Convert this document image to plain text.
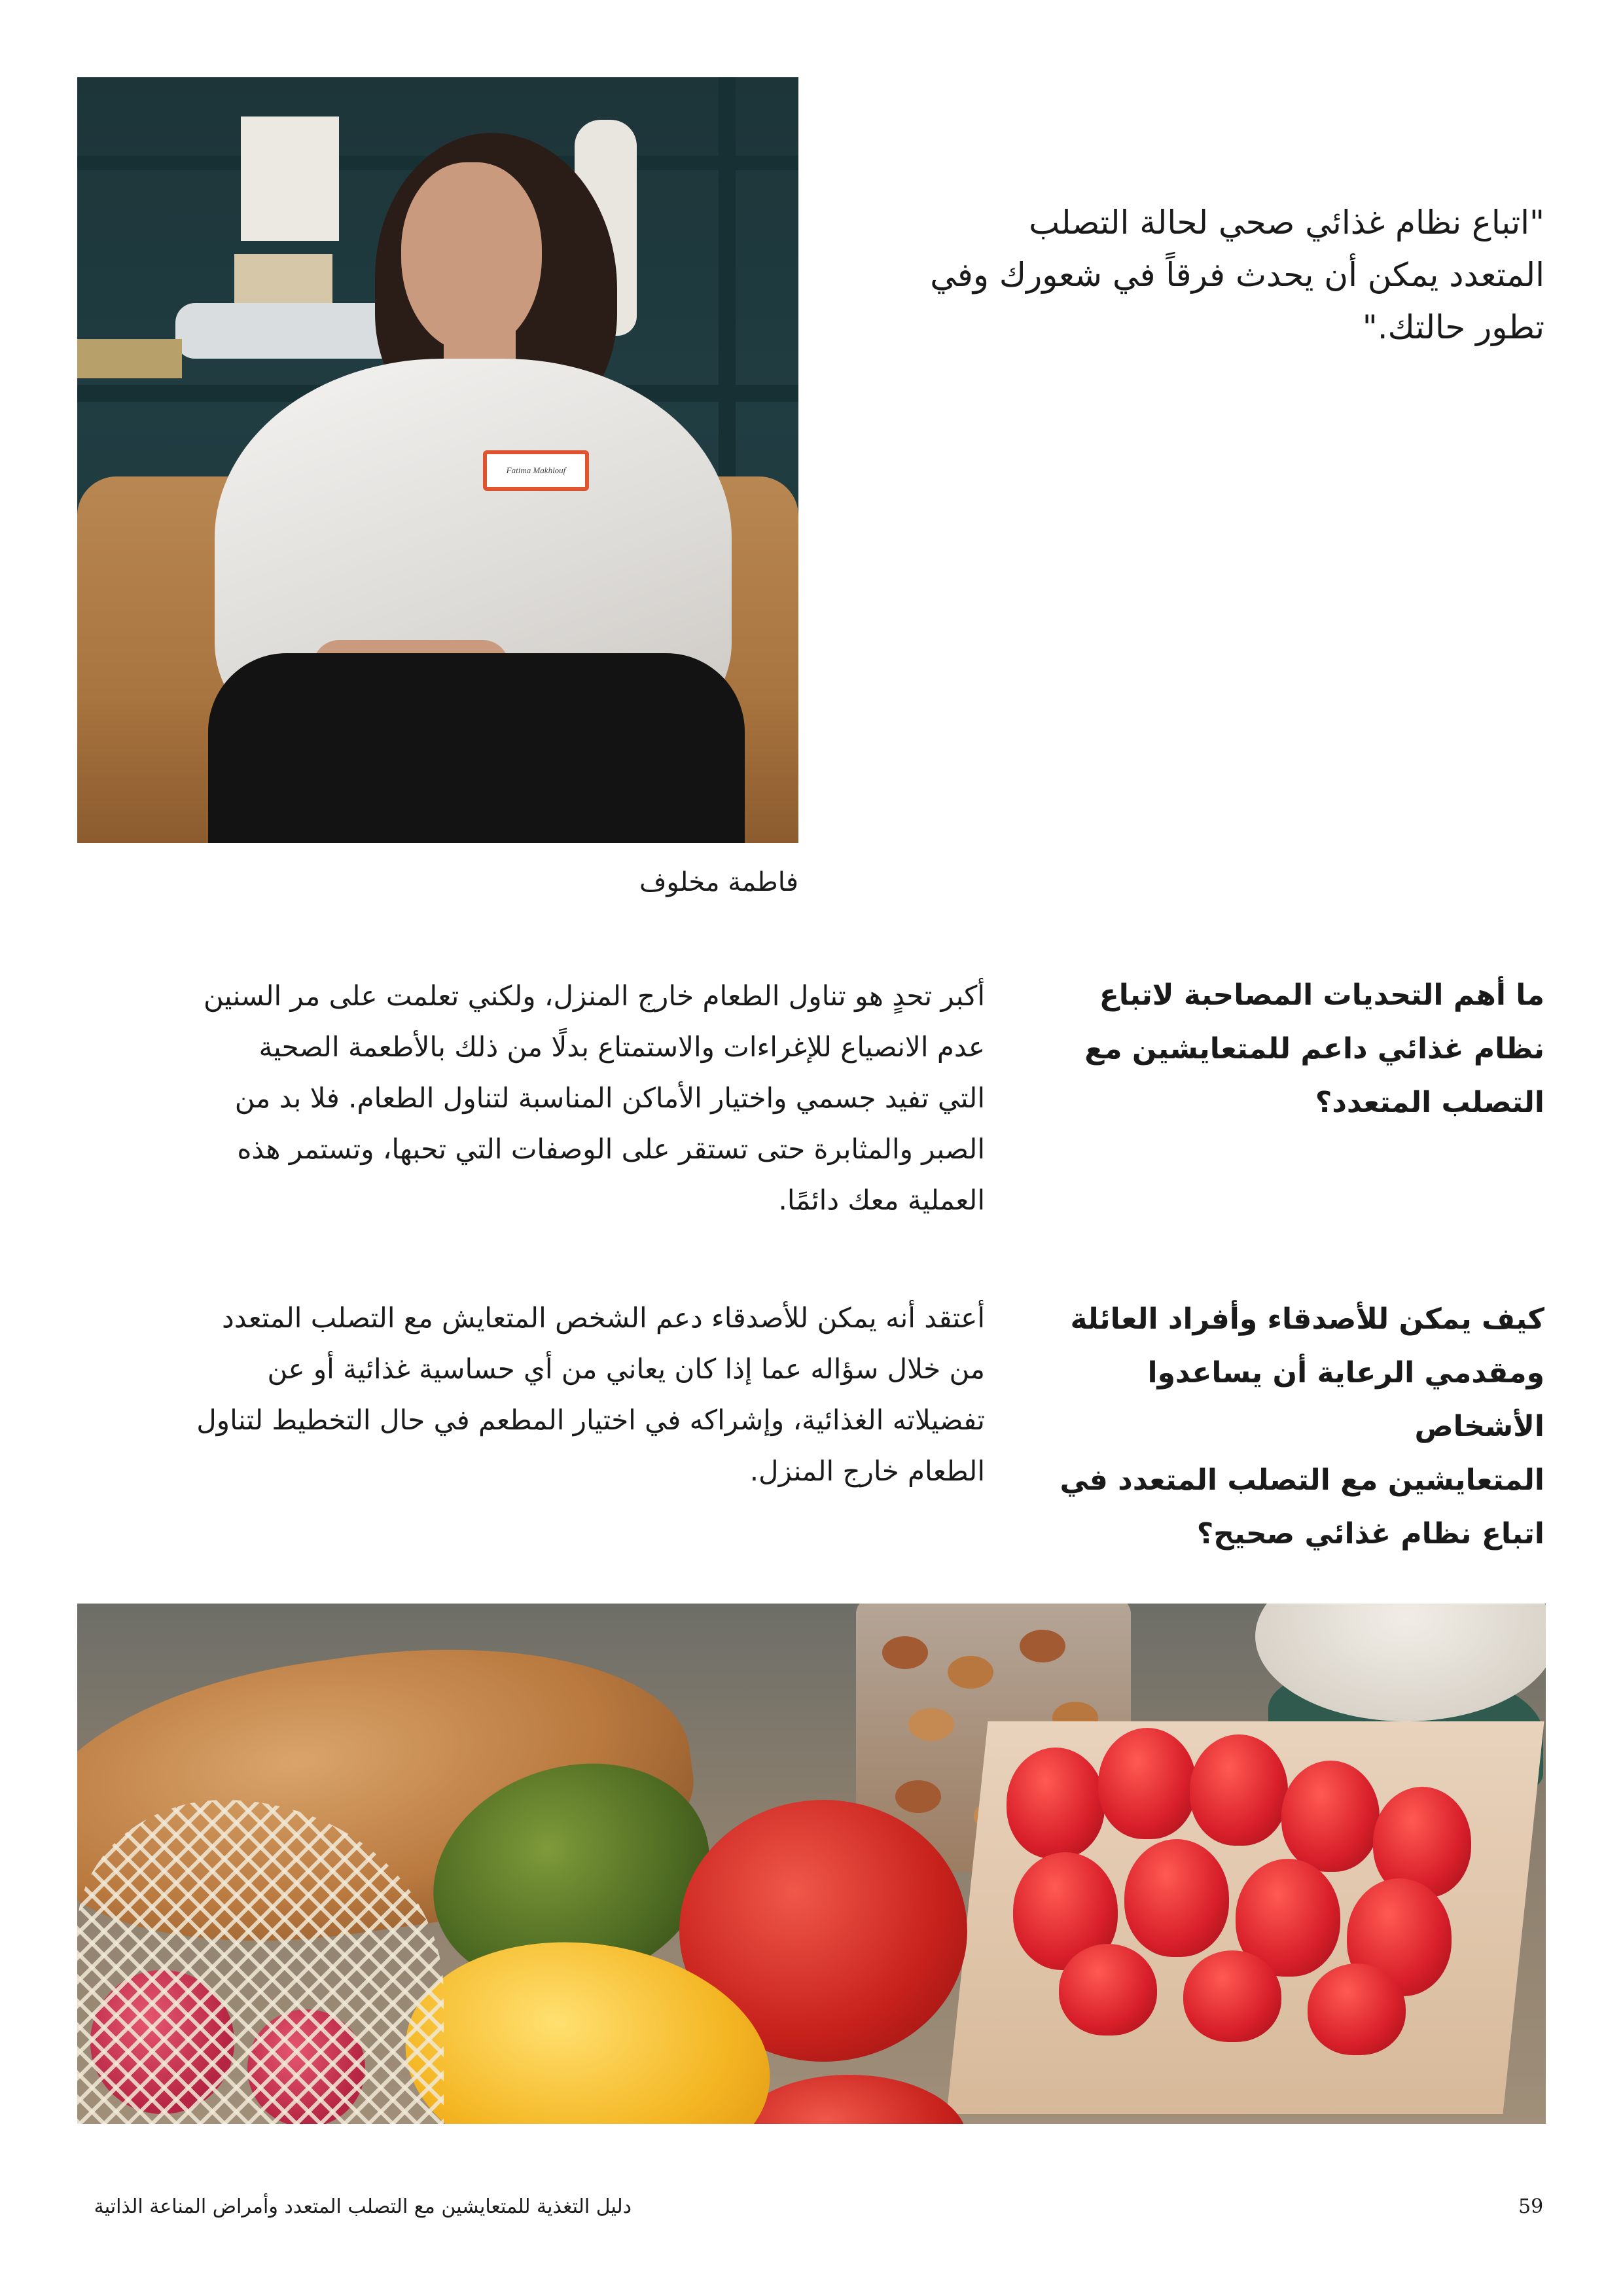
Fatima Makhlouf
"اتباع نظام غذائي صحي لحالة التصلب
المتعدد يمكن أن يحدث فرقاً في شعورك وفي
تطور حالتك."
فاطمة مخلوف
ما أهم التحديات المصاحبة لاتباع
نظام غذائي داعم للمتعايشين مع
التصلب المتعدد؟
أكبر تحدٍ هو تناول الطعام خارج المنزل، ولكني تعلمت على مر السنين
عدم الانصياع للإغراءات والاستمتاع بدلًا من ذلك بالأطعمة الصحية
التي تفيد جسمي واختيار الأماكن المناسبة لتناول الطعام. فلا بد من
الصبر والمثابرة حتى تستقر على الوصفات التي تحبها، وتستمر هذه
العملية معك دائمًا.
كيف يمكن للأصدقاء وأفراد العائلة
ومقدمي الرعاية أن يساعدوا الأشخاص
المتعايشين مع التصلب المتعدد في
اتباع نظام غذائي صحيح؟
أعتقد أنه يمكن للأصدقاء دعم الشخص المتعايش مع التصلب المتعدد
من خلال سؤاله عما إذا كان يعاني من أي حساسية غذائية أو عن
تفضيلاته الغذائية، وإشراكه في اختيار المطعم في حال التخطيط لتناول
الطعام خارج المنزل.
دليل التغذية للمتعايشين مع التصلب المتعدد وأمراض المناعة الذاتية	59
